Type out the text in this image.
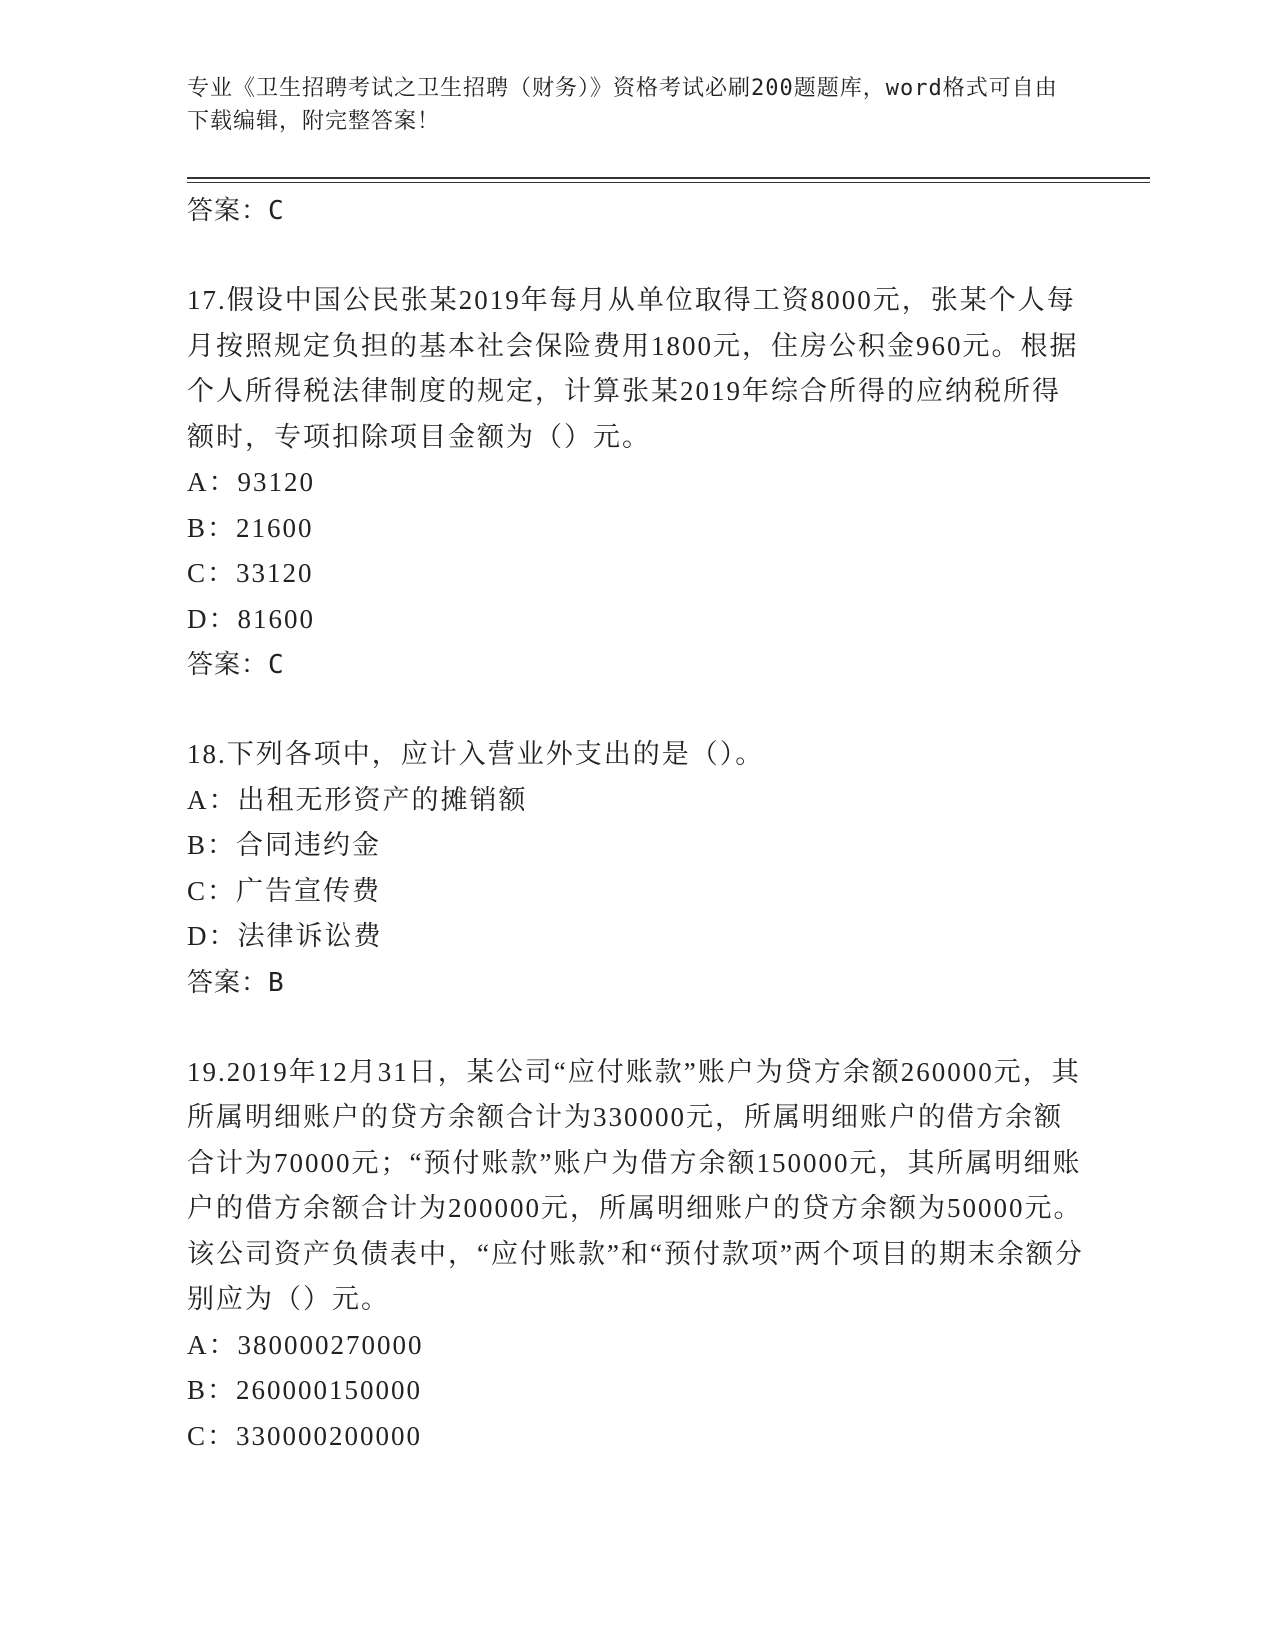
专业《卫生招聘考试之卫生招聘（财务）》资格考试必刷200题题库，word格式可自由下载编辑，附完整答案！

答案：C

17.假设中国公民张某2019年每月从单位取得工资8000元，张某个人每月按照规定负担的基本社会保险费用1800元，住房公积金960元。根据个人所得税法律制度的规定，计算张某2019年综合所得的应纳税所得额时，专项扣除项目金额为（）元。

A：93120

B：21600

C：33120

D：81600

答案：C

18.下列各项中，应计入营业外支出的是（）。

A：出租无形资产的摊销额

B：合同违约金

C：广告宣传费

D：法律诉讼费

答案：B

19.2019年12月31日，某公司“应付账款”账户为贷方余额260000元，其所属明细账户的贷方余额合计为330000元，所属明细账户的借方余额合计为70000元；“预付账款”账户为借方余额150000元，其所属明细账户的借方余额合计为200000元，所属明细账户的贷方余额为50000元。该公司资产负债表中，“应付账款”和“预付款项”两个项目的期末余额分别应为（）元。

A：380000270000

B：260000150000

C：330000200000
